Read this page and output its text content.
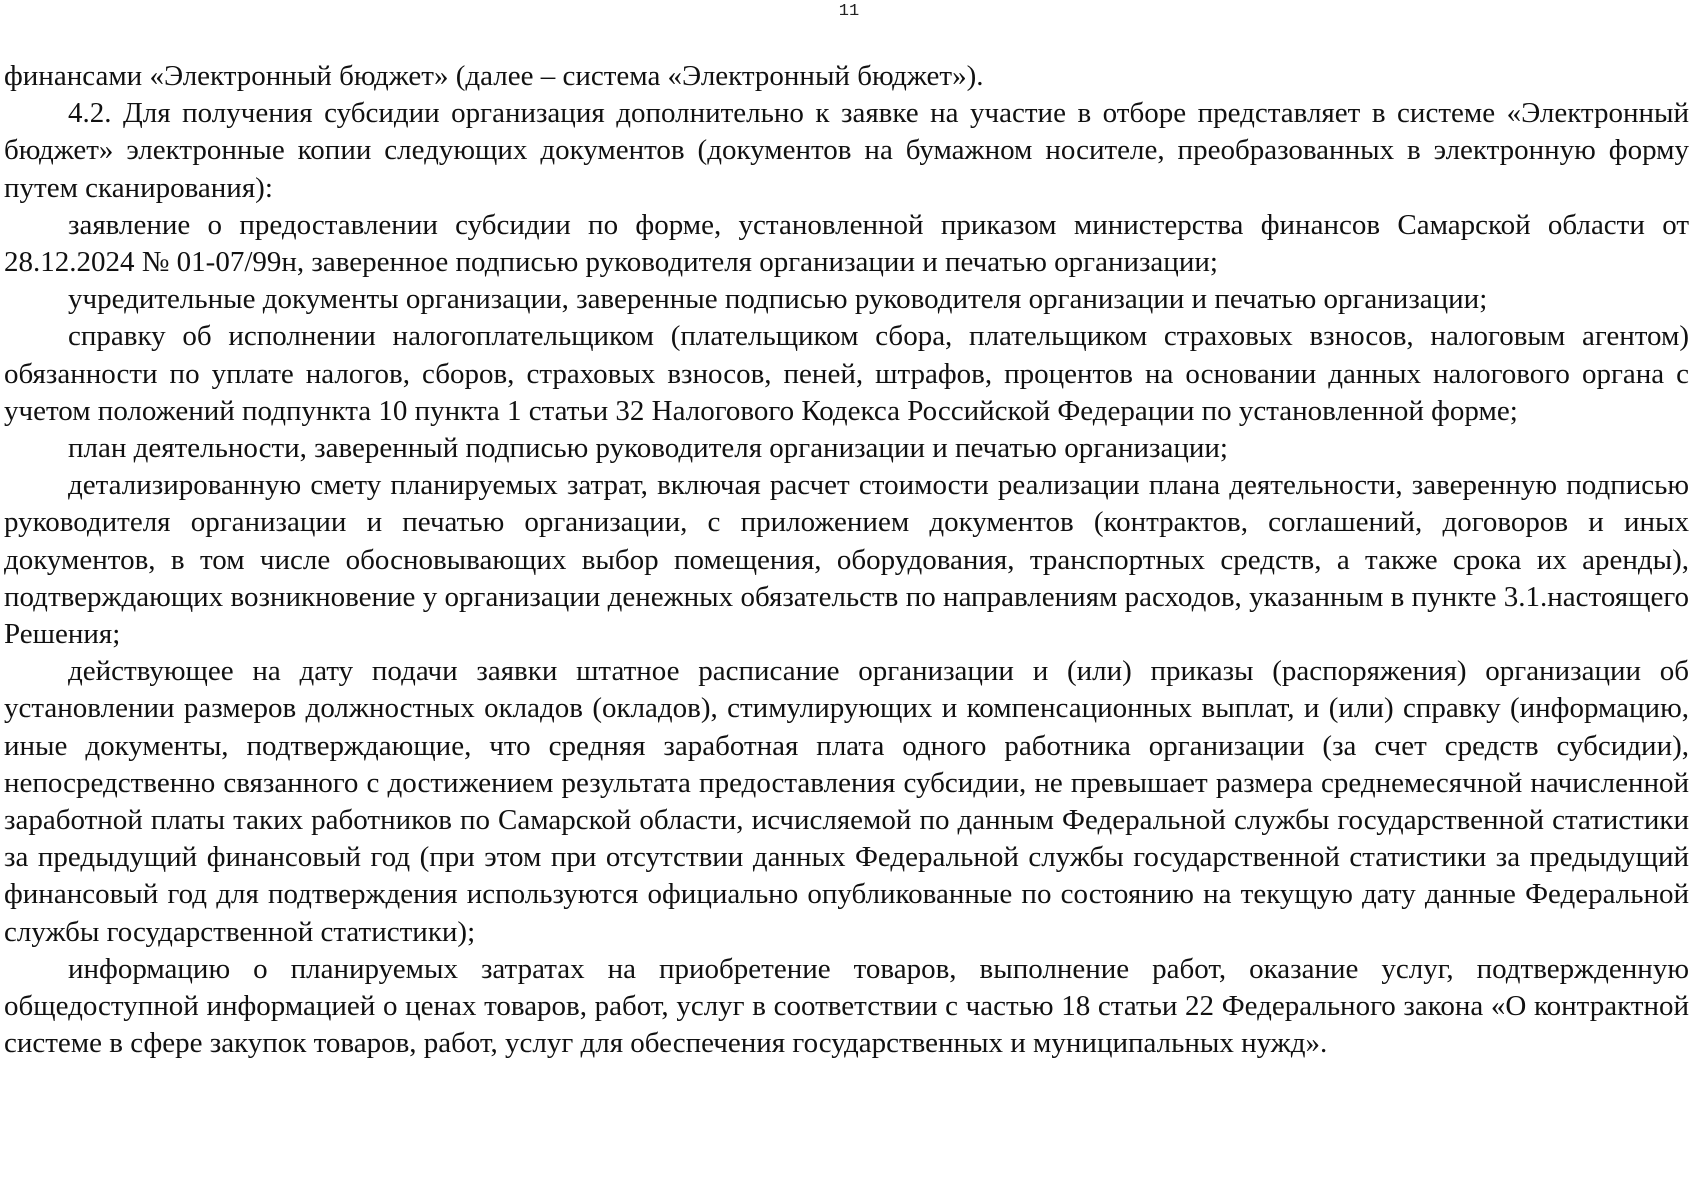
11

финансами «Электронный бюджет» (далее – система «Электронный бюджет»).

4.2. Для получения субсидии организация дополнительно к заявке на участие в отборе представляет в системе «Электронный бюджет» электронные копии следующих документов (документов на бумажном носителе, преобразованных в электронную форму путем сканирования):

заявление о предоставлении субсидии по форме, установленной приказом министерства финансов Самарской области от 28.12.2024 № 01-07/99н, заверенное подписью руководителя организации и печатью организации;

учредительные документы организации, заверенные подписью руководителя организации и печатью организации;

справку об исполнении налогоплательщиком (плательщиком сбора, плательщиком страховых взносов, налоговым агентом) обязанности по уплате налогов, сборов, страховых взносов, пеней, штрафов, процентов на основании данных налогового органа с учетом положений подпункта 10 пункта 1 статьи 32 Налогового Кодекса Российской Федерации по установленной форме;

план деятельности, заверенный подписью руководителя организации и печатью организации;

детализированную смету планируемых затрат, включая расчет стоимости реализации плана деятельности, заверенную подписью руководителя организации и печатью организации, с приложением документов (контрактов, соглашений, договоров и иных документов, в том числе обосновывающих выбор помещения, оборудования, транспортных средств, а также срока их аренды), подтверждающих возникновение у организации денежных обязательств по направлениям расходов, указанным в пункте 3.1.настоящего Решения;

действующее на дату подачи заявки штатное расписание организации и (или) приказы (распоряжения) организации об установлении размеров должностных окладов (окладов), стимулирующих и компенсационных выплат, и (или) справку (информацию, иные документы, подтверждающие, что средняя заработная плата одного работника организации (за счет средств субсидии), непосредственно связанного с достижением результата предоставления субсидии, не превышает размера среднемесячной начисленной заработной платы таких работников по Самарской области, исчисляемой по данным Федеральной службы государственной статистики за предыдущий финансовый год (при этом при отсутствии данных Федеральной службы государственной статистики за предыдущий финансовый год для подтверждения используются официально опубликованные по состоянию на текущую дату данные Федеральной службы государственной статистики);

информацию о планируемых затратах на приобретение товаров, выполнение работ, оказание услуг, подтвержденную общедоступной информацией о ценах товаров, работ, услуг в соответствии с частью 18 статьи 22 Федерального закона «О контрактной системе в сфере закупок товаров, работ, услуг для обеспечения государственных и муниципальных нужд».
